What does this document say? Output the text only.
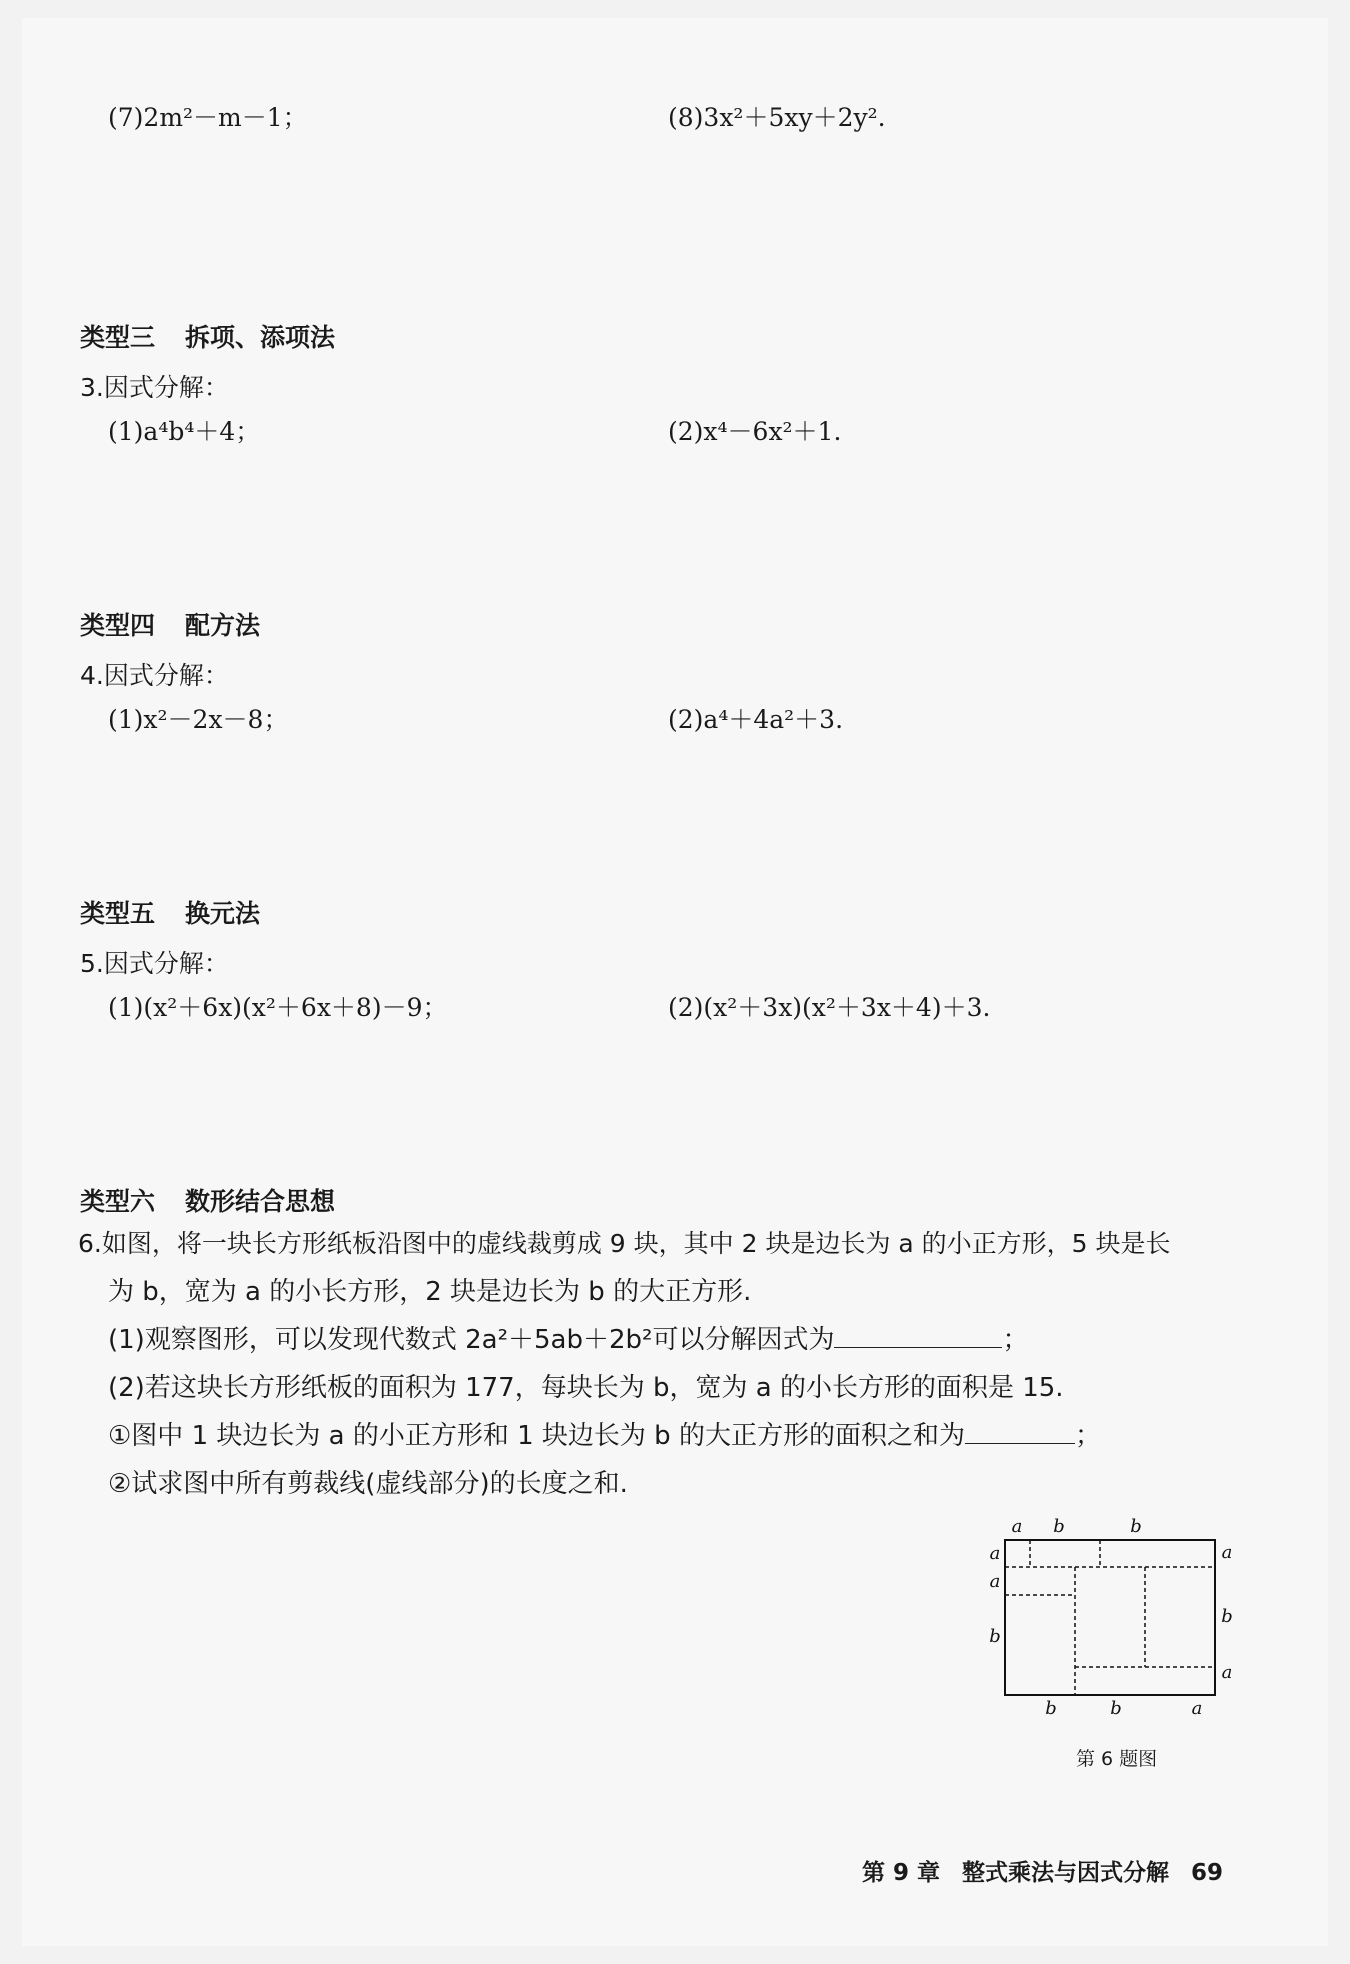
(7)2m²－m－1；	(8)3x²＋5xy＋2y².
类型三 拆项、添项法
3.因式分解：
(1)a⁴b⁴＋4；	(2)x⁴－6x²＋1.
类型四 配方法
4.因式分解：
(1)x²－2x－8；	(2)a⁴＋4a²＋3.
类型五 换元法
5.因式分解：
(1)(x²＋6x)(x²＋6x＋8)－9；	(2)(x²＋3x)(x²＋3x＋4)＋3.
类型六 数形结合思想
6.如图，将一块长方形纸板沿图中的虚线裁剪成 9 块，其中 2 块是边长为 a 的小正方形，5 块是长
为 b，宽为 a 的小长方形，2 块是边长为 b 的大正方形.
(1)观察图形，可以发现代数式 2a²＋5ab＋2b²可以分解因式为	；
(2)若这块长方形纸板的面积为 177，每块长为 b，宽为 a 的小长方形的面积是 15.
①图中 1 块边长为 a 的小正方形和 1 块边长为 b 的大正方形的面积之和为	；
②试求图中所有剪裁线(虚线部分)的长度之和.
a b	b
a
a
b
a
b
a
b	b	a
第 6 题图
第 9 章 整式乘法与因式分解 69
